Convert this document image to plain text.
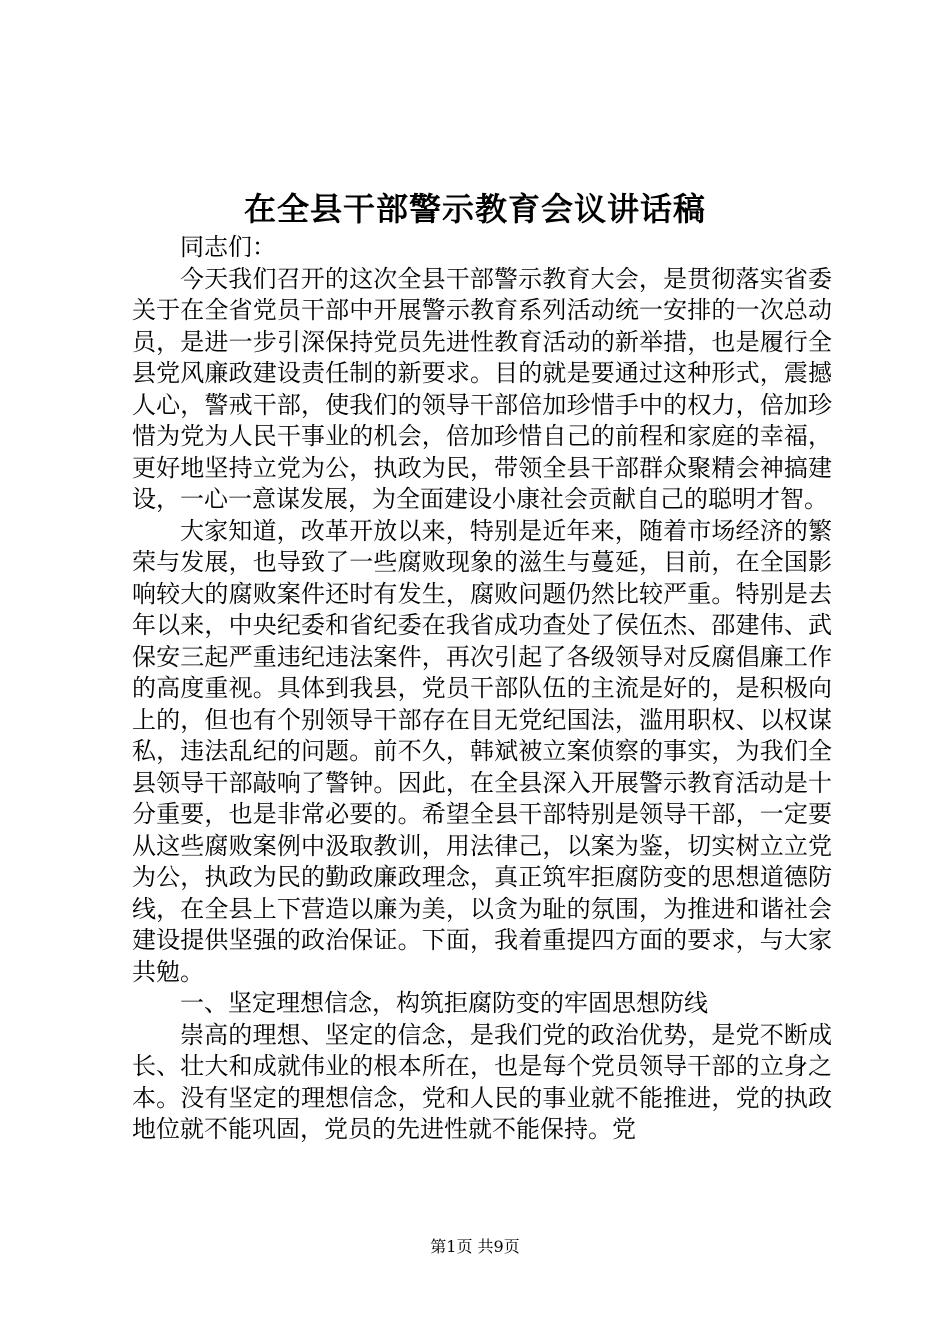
在全县干部警示教育会议讲话稿

同志们：

今天我们召开的这次全县干部警示教育大会，是贯彻落实省委关于在全省党员干部中开展警示教育系列活动统一安排的一次总动员，是进一步引深保持党员先进性教育活动的新举措，也是履行全县党风廉政建设责任制的新要求。目的就是要通过这种形式，震撼人心，警戒干部，使我们的领导干部倍加珍惜手中的权力，倍加珍惜为党为人民干事业的机会，倍加珍惜自己的前程和家庭的幸福，更好地坚持立党为公，执政为民，带领全县干部群众聚精会神搞建设，一心一意谋发展，为全面建设小康社会贡献自己的聪明才智。

大家知道，改革开放以来，特别是近年来，随着市场经济的繁荣与发展，也导致了一些腐败现象的滋生与蔓延，目前，在全国影响较大的腐败案件还时有发生，腐败问题仍然比较严重。特别是去年以来，中央纪委和省纪委在我省成功查处了侯伍杰、邵建伟、武保安三起严重违纪违法案件，再次引起了各级领导对反腐倡廉工作的高度重视。具体到我县，党员干部队伍的主流是好的，是积极向上的，但也有个别领导干部存在目无党纪国法，滥用职权、以权谋私，违法乱纪的问题。前不久，韩斌被立案侦察的事实，为我们全县领导干部敲响了警钟。因此，在全县深入开展警示教育活动是十分重要，也是非常必要的。希望全县干部特别是领导干部，一定要从这些腐败案例中汲取教训，用法律己，以案为鉴，切实树立立党为公，执政为民的勤政廉政理念，真正筑牢拒腐防变的思想道德防线，在全县上下营造以廉为美，以贪为耻的氛围，为推进和谐社会建设提供坚强的政治保证。下面，我着重提四方面的要求，与大家共勉。

一、坚定理想信念，构筑拒腐防变的牢固思想防线

崇高的理想、坚定的信念，是我们党的政治优势，是党不断成长、壮大和成就伟业的根本所在，也是每个党员领导干部的立身之本。没有坚定的理想信念，党和人民的事业就不能推进，党的执政地位就不能巩固，党员的先进性就不能保持。党

第1页 共9页
